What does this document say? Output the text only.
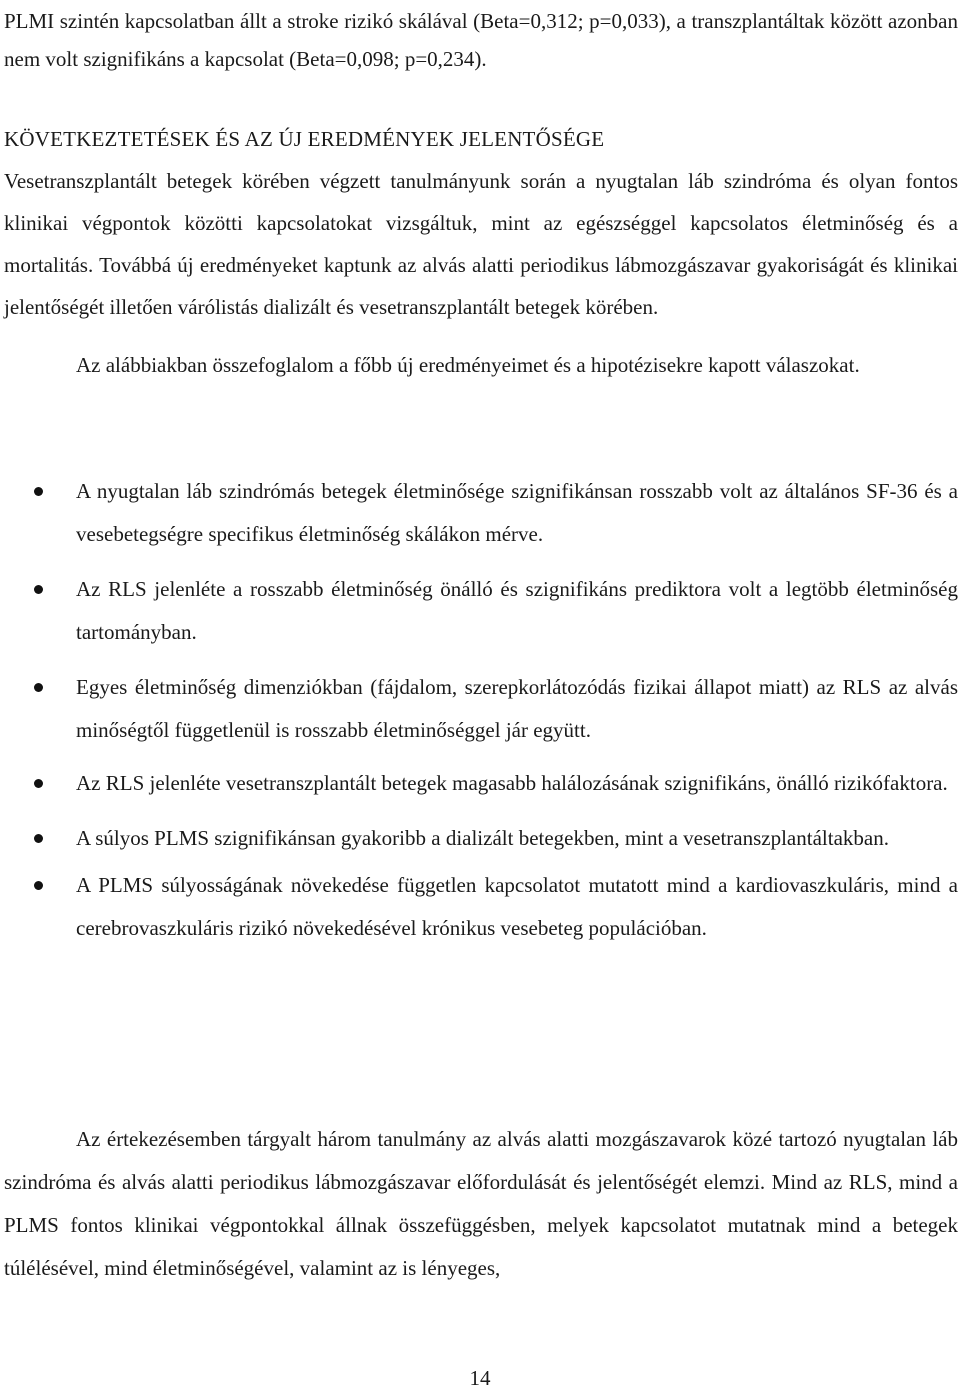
PLMI szintén kapcsolatban állt a stroke rizikó skálával (Beta=0,312; p=0,033), a transzplantáltak között azonban nem volt szignifikáns a kapcsolat (Beta=0,098; p=0,234).

KÖVETKEZTETÉSEK ÉS AZ ÚJ EREDMÉNYEK JELENTŐSÉGE

Vesetranszplantált betegek körében végzett tanulmányunk során a nyugtalan láb szindróma és olyan fontos klinikai végpontok közötti kapcsolatokat vizsgáltuk, mint az egészséggel kapcsolatos életminőség és a mortalitás. Továbbá új eredményeket kaptunk az alvás alatti periodikus lábmozgászavar gyakoriságát és klinikai jelentőségét illetően várólistás dializált és vesetranszplantált betegek körében.

Az alábbiakban összefoglalom a főbb új eredményeimet és a hipotézisekre kapott válaszokat.

A nyugtalan láb szindrómás betegek életminősége szignifikánsan rosszabb volt az általános SF-36 és a vesebetegségre specifikus életminőség skálákon mérve.
Az RLS jelenléte a rosszabb életminőség önálló és szignifikáns prediktora volt a legtöbb életminőség tartományban.
Egyes életminőség dimenziókban (fájdalom, szerepkorlátozódás fizikai állapot miatt) az RLS az alvás minőségtől függetlenül is rosszabb életminőséggel jár együtt.
Az RLS jelenléte vesetranszplantált betegek magasabb halálozásának szignifikáns, önálló rizikófaktora.
A súlyos PLMS szignifikánsan gyakoribb a dializált betegekben, mint a vesetranszplantáltakban.
A PLMS súlyosságának növekedése független kapcsolatot mutatott mind a kardiovaszkuláris, mind a cerebrovaszkuláris rizikó növekedésével krónikus vesebeteg populációban.

Az értekezésemben tárgyalt három tanulmány az alvás alatti mozgászavarok közé tartozó nyugtalan láb szindróma és alvás alatti periodikus lábmozgászavar előfordulását és jelentőségét elemzi. Mind az RLS, mind a PLMS fontos klinikai végpontokkal állnak összefüggésben, melyek kapcsolatot mutatnak mind a betegek túlélésével, mind életminőségével, valamint az is lényeges,

14
